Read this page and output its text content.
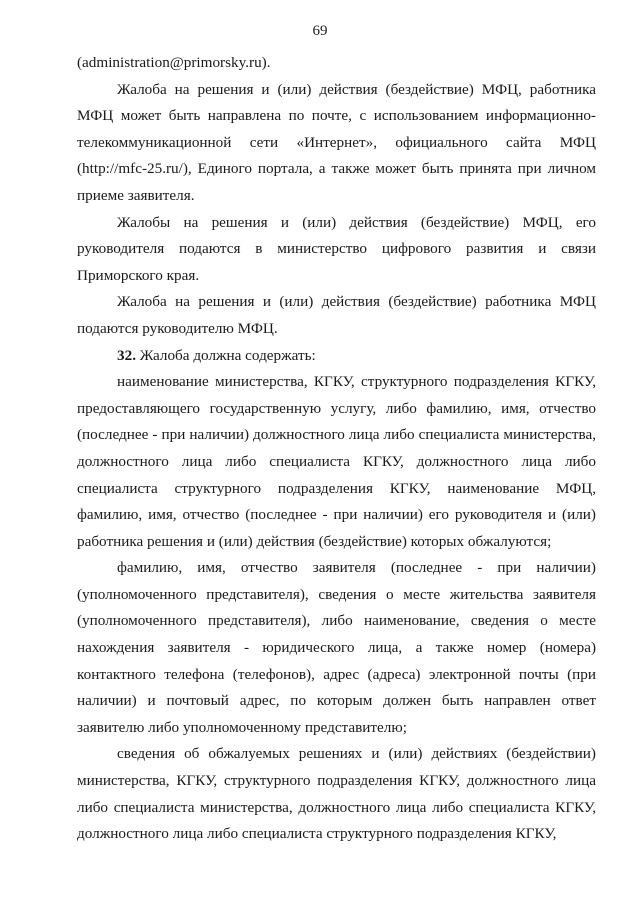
69

(administration@primorsky.ru).

Жалоба на решения и (или) действия (бездействие) МФЦ, работника МФЦ может быть направлена по почте, с использованием информационно-телекоммуникационной сети «Интернет», официального сайта МФЦ (http://mfc-25.ru/), Единого портала, а также может быть принята при личном приеме заявителя.

Жалобы на решения и (или) действия (бездействие) МФЦ, его руководителя подаются в министерство цифрового развития и связи Приморского края.

Жалоба на решения и (или) действия (бездействие) работника МФЦ подаются руководителю МФЦ.

32. Жалоба должна содержать:

наименование министерства, КГКУ, структурного подразделения КГКУ, предоставляющего государственную услугу, либо фамилию, имя, отчество (последнее - при наличии) должностного лица либо специалиста министерства, должностного лица либо специалиста КГКУ, должностного лица либо специалиста структурного подразделения КГКУ, наименование МФЦ, фамилию, имя, отчество (последнее - при наличии) его руководителя и (или) работника решения и (или) действия (бездействие) которых обжалуются;

фамилию, имя, отчество заявителя (последнее - при наличии) (уполномоченного представителя), сведения о месте жительства заявителя (уполномоченного представителя), либо наименование, сведения о месте нахождения заявителя - юридического лица, а также номер (номера) контактного телефона (телефонов), адрес (адреса) электронной почты (при наличии) и почтовый адрес, по которым должен быть направлен ответ заявителю либо уполномоченному представителю;

сведения об обжалуемых решениях и (или) действиях (бездействии) министерства, КГКУ, структурного подразделения КГКУ, должностного лица либо специалиста министерства, должностного лица либо специалиста КГКУ, должностного лица либо специалиста структурного подразделения КГКУ,
